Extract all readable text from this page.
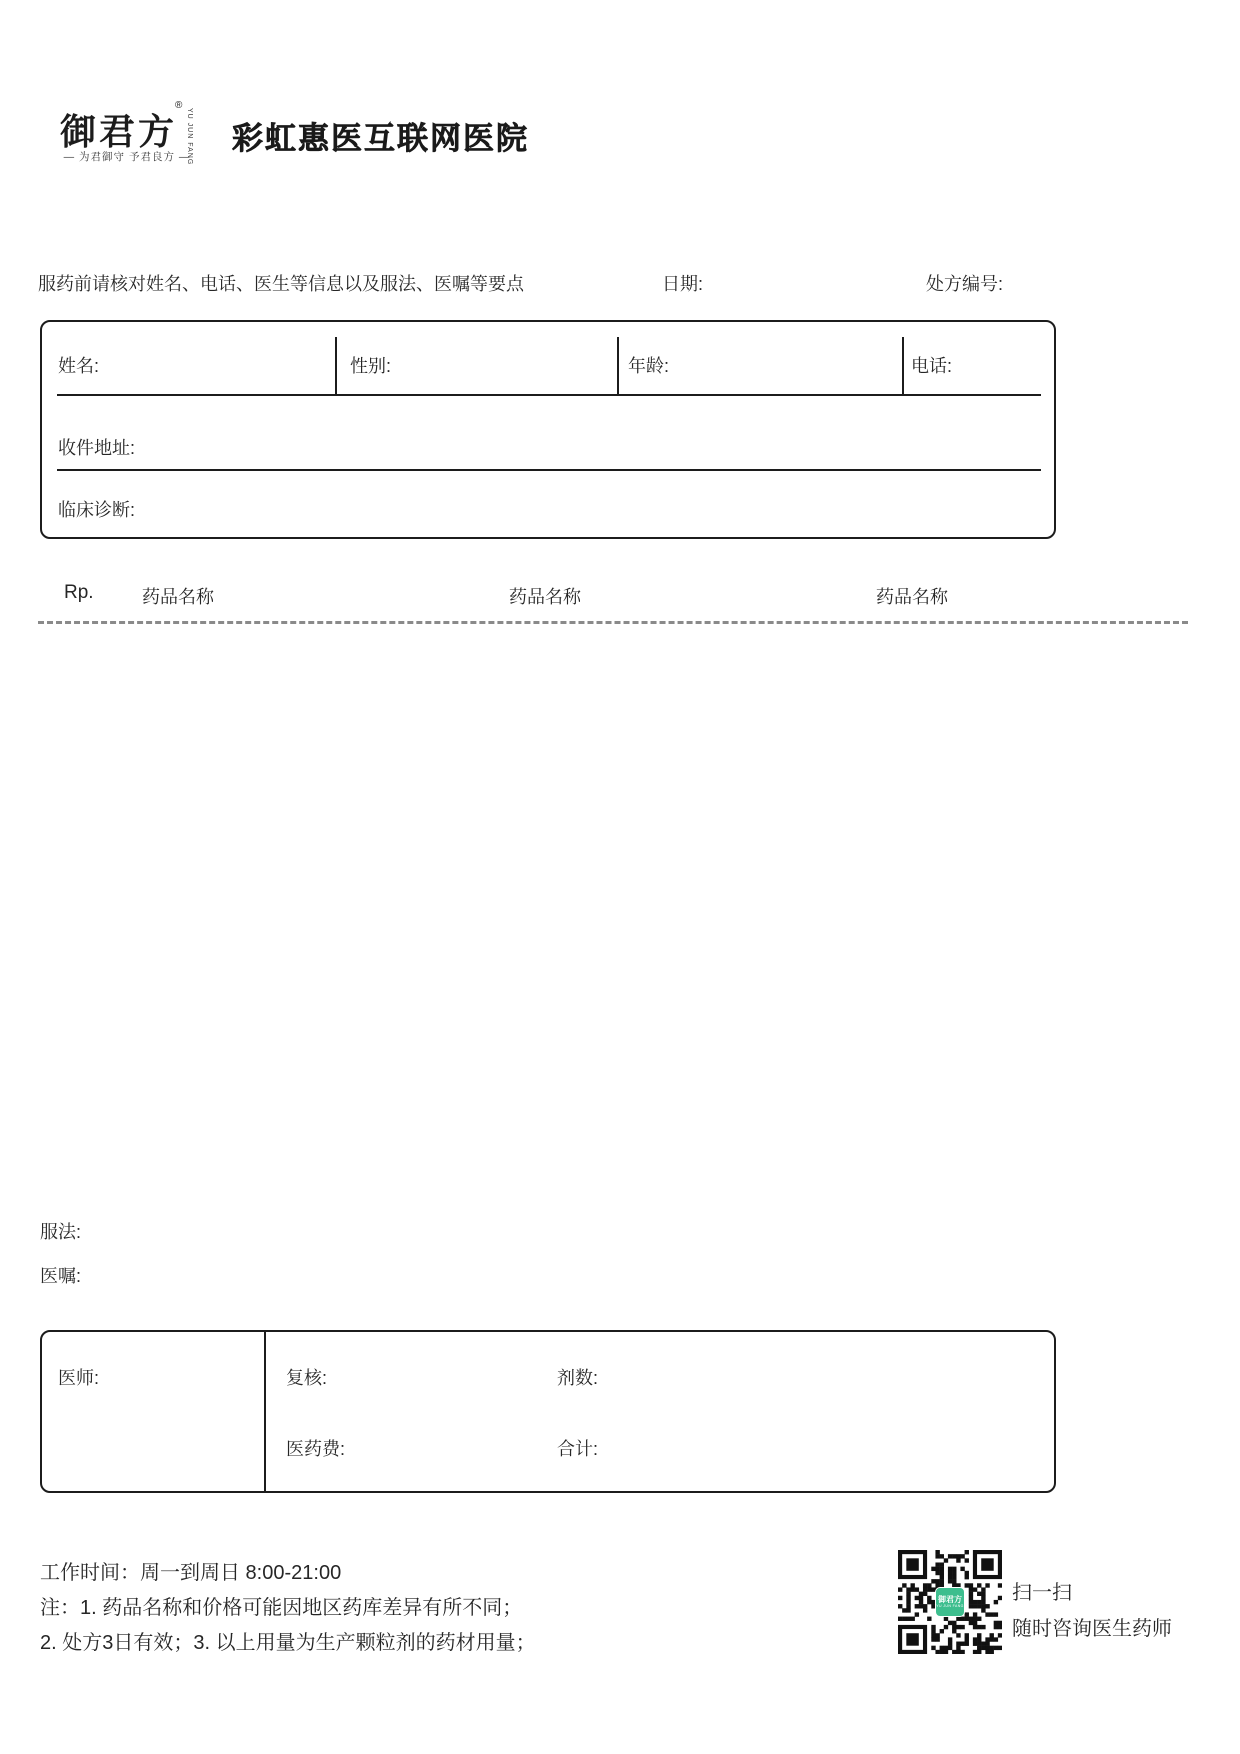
御君方
®
YU JUN FANG
— 为君御守 予君良方 —
彩虹惠医互联网医院
服药前请核对姓名、电话、医生等信息以及服法、医嘱等要点	日期:	处方编号:
姓名:	性别:	年龄:	电话:
收件地址:
临床诊断:
Rp.	药品名称	药品名称	药品名称
服法:
医嘱:
医师:	复核:	剂数:
医药费:	合计:
工作时间：周一到周日 8:00-21:00
注：1. 药品名称和价格可能因地区药库差异有所不同；
2. 处方3日有效；3. 以上用量为生产颗粒剂的药材用量；
御君方
YU JUN FANG
扫一扫
随时咨询医生药师
